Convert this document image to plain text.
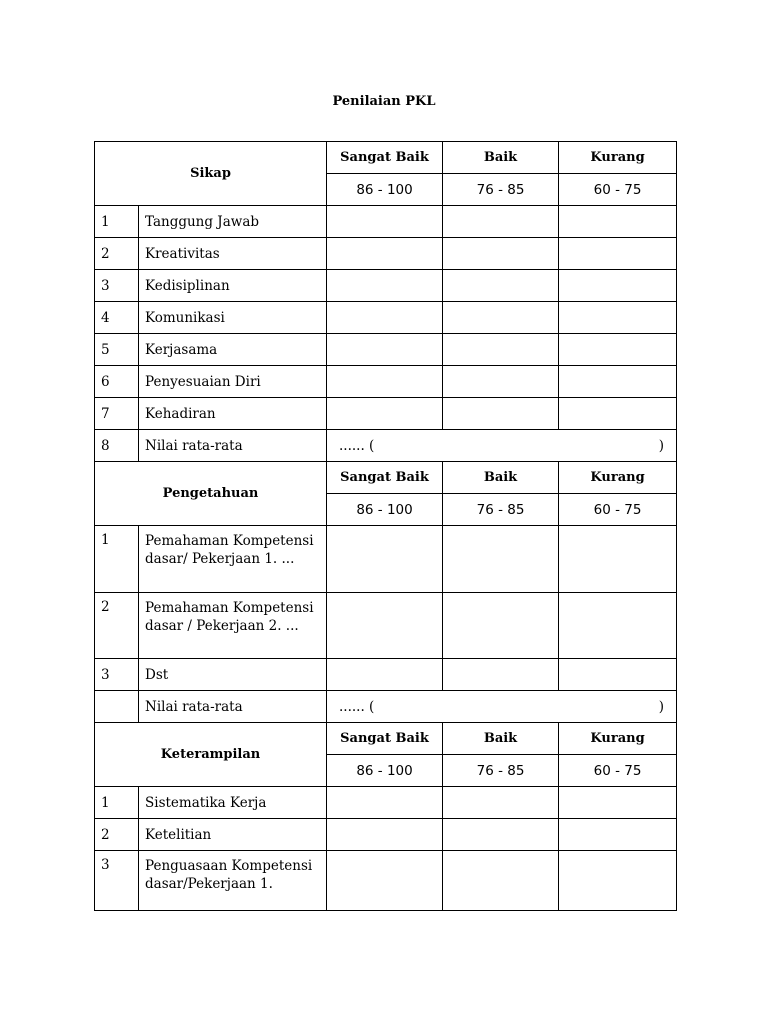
Penilaian PKL
Sikap		Sangat Baik	Baik	Kurang
		86 - 100	76 - 85	60 - 75
1	Tanggung Jawab			
2	Kreativitas			
3	Kedisiplinan			
4	Komunikasi			
5	Kerjasama			
6	Penyesuaian Diri			
7	Kehadiran			
8	Nilai rata-rata	...... ( )		

Pengetahuan		Sangat Baik	Baik	Kurang
		86 - 100	76 - 85	60 - 75
1	Pemahaman Kompetensi dasar/ Pekerjaan 1. ...			
2	Pemahaman Kompetensi dasar / Pekerjaan 2. ...			
3	Dst			
	Nilai rata-rata	...... ( )		

Keterampilan		Sangat Baik	Baik	Kurang
		86 - 100	76 - 85	60 - 75
1	Sistematika Kerja			
2	Ketelitian			
3	Penguasaan Kompetensi dasar/Pekerjaan 1.			
